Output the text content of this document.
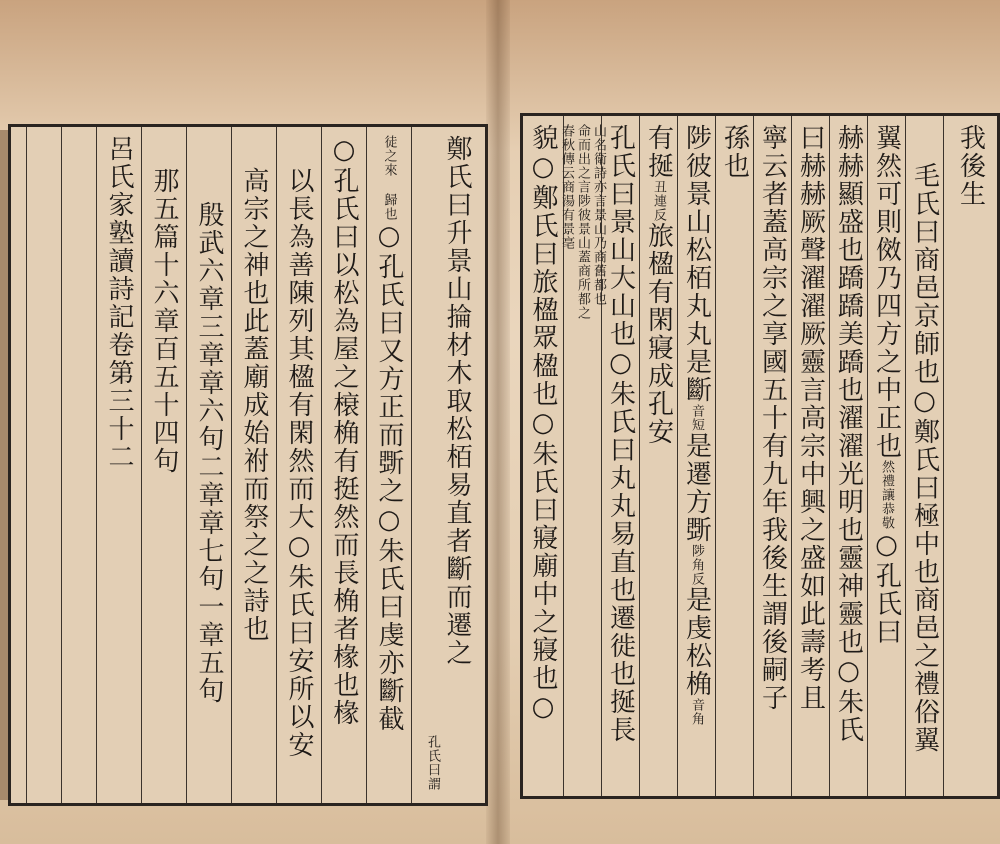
鄭氏曰升景山掄材木取松栢易直者斷而遷之
孔氏曰謂
徒之來 歸也
○孔氏曰又方正而斲之○朱氏曰虔亦斷截
○孔氏曰以松為屋之榱桷有挺然而長桷者椽也椽
以長為善陳列其楹有閑然而大○朱氏曰安所以安
高宗之神也此蓋廟成始祔而祭之之詩也
殷武六章三章章六句二章章七句一章五句
那五篇十六章百五十四句
呂氏家塾讀詩記卷第三十二	我後生
毛氏曰商邑京師也○鄭氏曰極中也商邑之禮俗翼
翼然可則傚乃四方之中正也
然禮讓恭敬
○孔氏曰
赫赫顯盛也蹻蹻美蹻也濯濯光明也靈神靈也○朱氏
曰赫赫厥聲濯濯厥靈言高宗中興之盛如此壽考且
寧云者蓋高宗之享國五十有九年我後生謂後嗣子
孫也
陟彼景山松栢丸丸是斷
音短
是遷方斲
陟角反
是虔松桷
音角
有挻
丑連反
旅楹有閑寢成孔安
孔氏曰景山大山也○朱氏曰丸丸易直也遷徙也挻長
山名衛詩亦言景山乃商舊都也
命而出之言陟彼景山蓋商所都之
春秋傳云商湯有景亳
貌○鄭氏曰旅楹眾楹也○朱氏曰寢廟中之寢也○
